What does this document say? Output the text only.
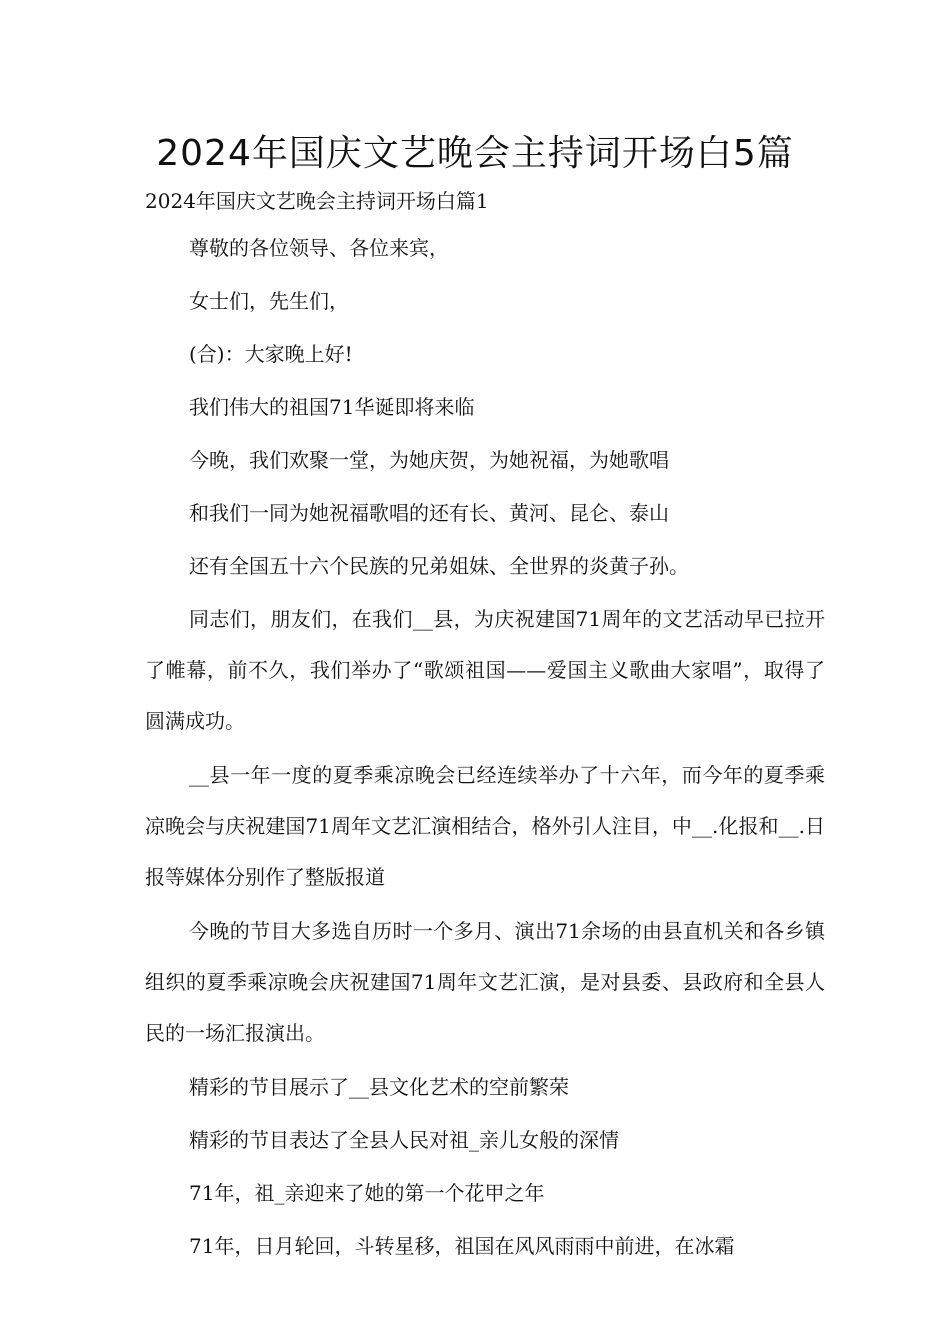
2024年国庆文艺晚会主持词开场白5篇

2024年国庆文艺晚会主持词开场白篇1

尊敬的各位领导、各位来宾，

女士们，先生们，

(合)：大家晚上好!

我们伟大的祖国71华诞即将来临

今晚，我们欢聚一堂，为她庆贺，为她祝福，为她歌唱

和我们一同为她祝福歌唱的还有长、黄河、昆仑、泰山

还有全国五十六个民族的兄弟姐妹、全世界的炎黄子孙。

同志们，朋友们，在我们__县，为庆祝建国71周年的文艺活动早已拉开了帷幕，前不久，我们举办了“歌颂祖国——爱国主义歌曲大家唱”，取得了圆满成功。

__县一年一度的夏季乘凉晚会已经连续举办了十六年，而今年的夏季乘凉晚会与庆祝建国71周年文艺汇演相结合，格外引人注目，中__.化报和__.日报等媒体分别作了整版报道

今晚的节目大多选自历时一个多月、演出71余场的由县直机关和各乡镇组织的夏季乘凉晚会庆祝建国71周年文艺汇演，是对县委、县政府和全县人民的一场汇报演出。

精彩的节目展示了__县文化艺术的空前繁荣

精彩的节目表达了全县人民对祖_亲儿女般的深情

71年，祖_亲迎来了她的第一个花甲之年

71年，日月轮回，斗转星移，祖国在风风雨雨中前进，在冰霜
